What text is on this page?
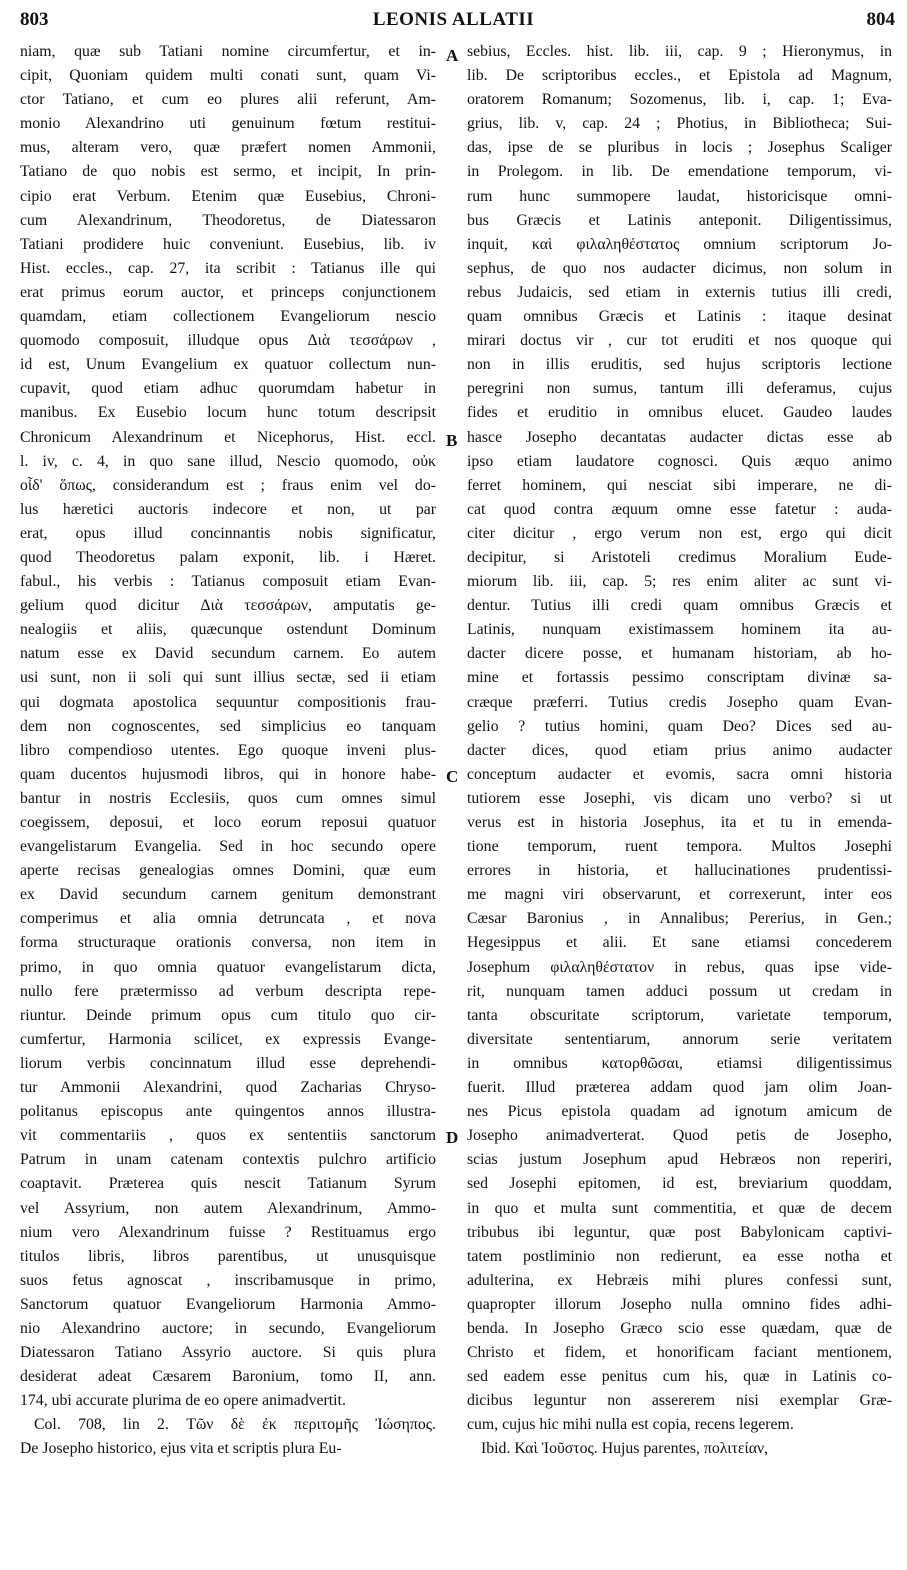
803	LEONIS ALLATII	804
niam, quæ sub Tatiani nomine circumfertur, et in-
cipit, Quoniam quidem multi conati sunt, quam Vi-
ctor Tatiano, et cum eo plures alii referunt, Am-
monio Alexandrino uti genuinum fœtum restitui-
mus, alteram vero, quæ præfert nomen Ammonii,
Tatiano de quo nobis est sermo, et incipit, In prin-
cipio erat Verbum. Etenim quæ Eusebius, Chroni-
cum Alexandrinum, Theodoretus, de Diatessaron
Tatiani prodidere huic conveniunt. Eusebius, lib. iv
Hist. eccles., cap. 27, ita scribit : Tatianus ille qui
erat primus eorum auctor, et princeps conjunctionem
quamdam, etiam collectionem Evangeliorum nescio
quomodo composuit, illudque opus Διὰ τεσσάρων ,
id est, Unum Evangelium ex quatuor collectum nun-
cupavit, quod etiam adhuc quorumdam habetur in
manibus. Ex Eusebio locum hunc totum descripsit
Chronicum Alexandrinum et Nicephorus, Hist. eccl.
l. iv, c. 4, in quo sane illud, Nescio quomodo, οὐκ
οἶδ' ὅπως, considerandum est ; fraus enim vel do-
lus hæretici auctoris indecore et non, ut par
erat, opus illud concinnantis nobis significatur,
quod Theodoretus palam exponit, lib. i Hæret.
fabul., his verbis : Tatianus composuit etiam Evan-
gelium quod dicitur Διὰ τεσσάρων, amputatis ge-
nealogiis et aliis, quæcunque ostendunt Dominum
natum esse ex David secundum carnem. Eo autem
usi sunt, non ii soli qui sunt illius sectæ, sed ii etiam
qui dogmata apostolica sequuntur compositionis frau-
dem non cognoscentes, sed simplicius eo tanquam
libro compendioso utentes. Ego quoque inveni plus-
quam ducentos hujusmodi libros, qui in honore habe-
bantur in nostris Ecclesiis, quos cum omnes simul
coegissem, deposui, et loco eorum reposui quatuor
evangelistarum Evangelia. Sed in hoc secundo opere
aperte recisas genealogias omnes Domini, quæ eum
ex David secundum carnem genitum demonstrant
comperimus et alia omnia detruncata , et nova
forma structuraque orationis conversa, non item in
primo, in quo omnia quatuor evangelistarum dicta,
nullo fere prætermisso ad verbum descripta repe-
riuntur. Deinde primum opus cum titulo quo cir-
cumfertur, Harmonia scilicet, ex expressis Evange-
liorum verbis concinnatum illud esse deprehendi-
tur Ammonii Alexandrini, quod Zacharias Chryso-
politanus episcopus ante quingentos annos illustra-
vit commentariis , quos ex sententiis sanctorum
Patrum in unam catenam contextis pulchro artificio
coaptavit. Præterea quis nescit Tatianum Syrum
vel Assyrium, non autem Alexandrinum, Ammo-
nium vero Alexandrinum fuisse ? Restituamus ergo
titulos libris, libros parentibus, ut unusquisque
suos fetus agnoscat , inscribamusque in primo,
Sanctorum quatuor Evangeliorum Harmonia Ammo-
nio Alexandrino auctore; in secundo, Evangeliorum
Diatessaron Tatiano Assyrio auctore. Si quis plura
desiderat adeat Cæsarem Baronium, tomo II, ann.
174, ubi accurate plurima de eo opere animadvertit.
Col. 708, lin 2. Τῶν δὲ ἐκ περιτομῆς Ἰώσηπος.
De Josepho historico, ejus vita et scriptis plura Eu-
sebius, Eccles. hist. lib. iii, cap. 9 ; Hieronymus, in
lib. De scriptoribus eccles., et Epistola ad Magnum,
oratorem Romanum; Sozomenus, lib. i, cap. 1; Eva-
grius, lib. v, cap. 24 ; Photius, in Bibliotheca; Sui-
das, ipse de se pluribus in locis ; Josephus Scaliger
in Prolegom. in lib. De emendatione temporum, vi-
rum hunc summopere laudat, historicisque omni-
bus Græcis et Latinis anteponit. Diligentissimus,
inquit, καὶ φιλαληθέστατος omnium scriptorum Jo-
sephus, de quo nos audacter dicimus, non solum in
rebus Judaicis, sed etiam in externis tutius illi credi,
quam omnibus Græcis et Latinis : itaque desinat
mirari doctus vir , cur tot eruditi et nos quoque qui
non in illis eruditis, sed hujus scriptoris lectione
peregrini non sumus, tantum illi deferamus, cujus
fides et eruditio in omnibus elucet. Gaudeo laudes
hasce Josepho decantatas audacter dictas esse ab
ipso etiam laudatore cognosci. Quis æquo animo
ferret hominem, qui nesciat sibi imperare, ne di-
cat quod contra æquum omne esse fatetur : auda-
citer dicitur , ergo verum non est, ergo qui dicit
decipitur, si Aristoteli credimus Moralium Eude-
miorum lib. iii, cap. 5; res enim aliter ac sunt vi-
dentur. Tutius illi credi quam omnibus Græcis et
Latinis, nunquam existimassem hominem ita au-
dacter dicere posse, et humanam historiam, ab ho-
mine et fortassis pessimo conscriptam divinæ sa-
cræque præferri. Tutius credis Josepho quam Evan-
gelio ? tutius homini, quam Deo? Dices sed au-
dacter dices, quod etiam prius animo audacter
conceptum audacter et evomis, sacra omni historia
tutiorem esse Josephi, vis dicam uno verbo? si ut
verus est in historia Josephus, ita et tu in emenda-
tione temporum, ruent tempora. Multos Josephi
errores in historia, et hallucinationes prudentissi-
me magni viri observarunt, et correxerunt, inter eos
Cæsar Baronius , in Annalibus; Pererius, in Gen.;
Hegesippus et alii. Et sane etiamsi concederem
Josephum φιλαληθέστατον in rebus, quas ipse vide-
rit, nunquam tamen adduci possum ut credam in
tanta obscuritate scriptorum, varietate temporum,
diversitate sententiarum, annorum serie veritatem
in omnibus κατορθῶσαι, etiamsi diligentissimus
fuerit. Illud præterea addam quod jam olim Joan-
nes Picus epistola quadam ad ignotum amicum de
Josepho animadverterat. Quod petis de Josepho,
scias justum Josephum apud Hebræos non reperiri,
sed Josephi epitomen, id est, breviarium quoddam,
in quo et multa sunt commentitia, et quæ de decem
tribubus ibi leguntur, quæ post Babylonicam captivi-
tatem postliminio non redierunt, ea esse notha et
adulterina, ex Hebræis mihi plures confessi sunt,
quapropter illorum Josepho nulla omnino fides adhi-
benda. In Josepho Græco scio esse quædam, quæ de
Christo et fidem, et honorificam faciant mentionem,
sed eadem esse penitus cum his, quæ in Latinis co-
dicibus leguntur non assererem nisi exemplar Græ-
cum, cujus hic mihi nulla est copia, recens legerem.
Ibid. Καὶ Ἰοῦστος. Hujus parentes, πολιτείαν,
A
B
C
D
